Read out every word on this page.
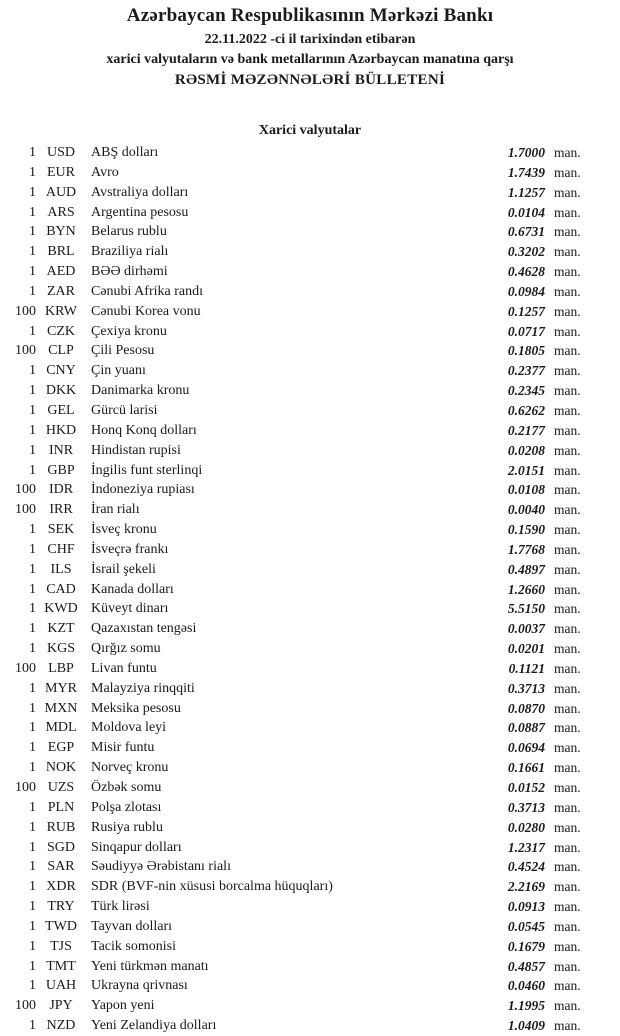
Azərbaycan Respublikasının Mərkəzi Bankı
22.11.2022 -ci il tarixindən etibarən
xarici valyutaların və bank metallarının Azərbaycan manatına qarşı
RƏSMİ MƏZƏNNƏLƏRİ BÜLLETENİ
Xarici valyutalar
1 USD	ABŞ dolları	1.7000 man.
1 EUR	Avro	1.7439 man.
1 AUD	Avstraliya dolları	1.1257 man.
1 ARS	Argentina pesosu	0.0104 man.
1 BYN	Belarus rublu	0.6731 man.
1 BRL	Braziliya rialı	0.3202 man.
1 AED	BƏƏ dirhəmi	0.4628 man.
1 ZAR	Cənubi Afrika randı	0.0984 man.
100 KRW	Cənubi Korea vonu	0.1257 man.
1 CZK	Çexiya kronu	0.0717 man.
100 CLP	Çili Pesosu	0.1805 man.
1 CNY	Çin yuanı	0.2377 man.
1 DKK	Danimarka kronu	0.2345 man.
1 GEL	Gürcü larisi	0.6262 man.
1 HKD	Honq Konq dolları	0.2177 man.
1 INR	Hindistan rupisi	0.0208 man.
1 GBP	İngilis funt sterlinqi	2.0151 man.
100 IDR	İndoneziya rupiası	0.0108 man.
100 IRR	İran rialı	0.0040 man.
1 SEK	İsveç kronu	0.1590 man.
1 CHF	İsveçrə frankı	1.7768 man.
1	ILS	İsrail şekeli	0.4897 man.
1 CAD	Kanada dolları	1.2660 man.
1 KWD Küveyt dinarı	5.5150 man.
1 KZT	Qazaxıstan tengəsi	0.0037 man.
1 KGS	Qırğız somu	0.0201 man.
100 LBP	Livan funtu	0.1121 man.
1 MYR	Malayziya rinqqiti	0.3713 man.
1 MXN Meksika pesosu	0.0870 man.
1 MDL	Moldova leyi	0.0887 man.
1 EGP	Misir funtu	0.0694 man.
1 NOK	Norveç kronu	0.1661 man.
100 UZS	Özbək somu	0.0152 man.
1 PLN	Polşa zlotası	0.3713 man.
1 RUB	Rusiya rublu	0.0280 man.
1 SGD	Sinqapur dolları	1.2317 man.
1 SAR	Səudiyyə Ərəbistanı rialı	0.4524 man.
1 XDR	SDR (BVF-nin xüsusi borcalma hüquqları)	2.2169 man.
1 TRY	Türk lirəsi	0.0913 man.
1 TWD	Tayvan dolları	0.0545 man.
1	TJS	Tacik somonisi	0.1679 man.
1 TMT	Yeni türkmən manatı	0.4857 man.
1 UAH	Ukrayna qrivnası	0.0460 man.
100 JPY	Yapon yeni	1.1995 man.
1 NZD	Yeni Zelandiya dolları	1.0409 man.
